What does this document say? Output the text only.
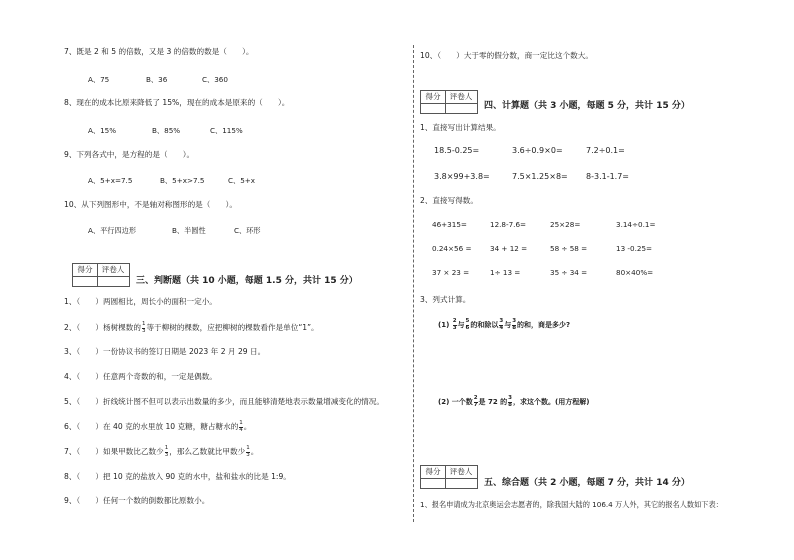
7、既是 2 和 5 的倍数，又是 3 的倍数的数是（　　）。
A、75	B、36	C、360
8、现在的成本比原来降低了 15%，现在的成本是原来的（　　）。
A、15%	B、85%	C、115%
9、下列各式中，是方程的是（　　）。
A、5+x=7.5	B、5+x>7.5	C、5+x
10、从下列图形中，不是轴对称图形的是（　　）。
A、平行四边形	B、半圆性	C、环形
得分	评卷人
三、判断题（共 10 小题，每题 1.5 分，共计 15 分）
1、（　　）两圆相比，周长小的面积一定小。
2、（　　）杨树棵数的 $\frac{1}{3}$ 等于柳树的棵数，应把柳树的棵数看作是单位“1”。
3、（　　）一份协议书的签订日期是 2023 年 2 月 29 日。
4、（　　）任意两个奇数的和，一定是偶数。
5、（　　）折线统计图不但可以表示出数量的多少，而且能够清楚地表示数量增减变化的情况。
6、（　　）在 40 克的水里放 10 克糖，糖占糖水的 $\frac{1}{4}$ 。
7、（　　）如果甲数比乙数少 $\frac{1}{3}$ ，那么乙数就比甲数少 $\frac{1}{3}$ 。
8、（　　）把 10 克的盐放入 90 克的水中，盐和盐水的比是 1:9。
9、（　　）任何一个数的倒数都比原数小。
10、（　　）大于零的假分数，商一定比这个数大。
得分	评卷人
四、计算题（共 3 小题，每题 5 分，共计 15 分）
1、直接写出计算结果。
18.5-0.25=	3.6÷0.9×0=	7.2÷0.1=
3.8×99+3.8=	7.5×1.25×8= 8-3.1-1.7=
2、直接写得数。
46+315=	12.8-7.6=	25×28=	3.14÷0.1=
0.24×56 =	34 + 12 =	58 ÷ 58 =	13 -0.25=
37 × 23 =	1÷ 13 =	35 ÷ 34 =	80×40%=
3、列式计算。
$(1) \frac{2}{3}$ 与 $\frac{5}{6}$ 的和除以 $\frac{3}{4}$ 与 $\frac{3}{8}$ 的和，商是多少?
(2) 一个数 $\frac{2}{7}$ 是 72 的 $\frac{3}{8}$ ，求这个数。(用方程解)
得分	评卷人
五、综合题（共 2 小题，每题 7 分，共计 14 分）
1、报名申请成为北京奥运会志愿者的，除我国大陆的 106.4 万人外，其它的报名人数如下表：
